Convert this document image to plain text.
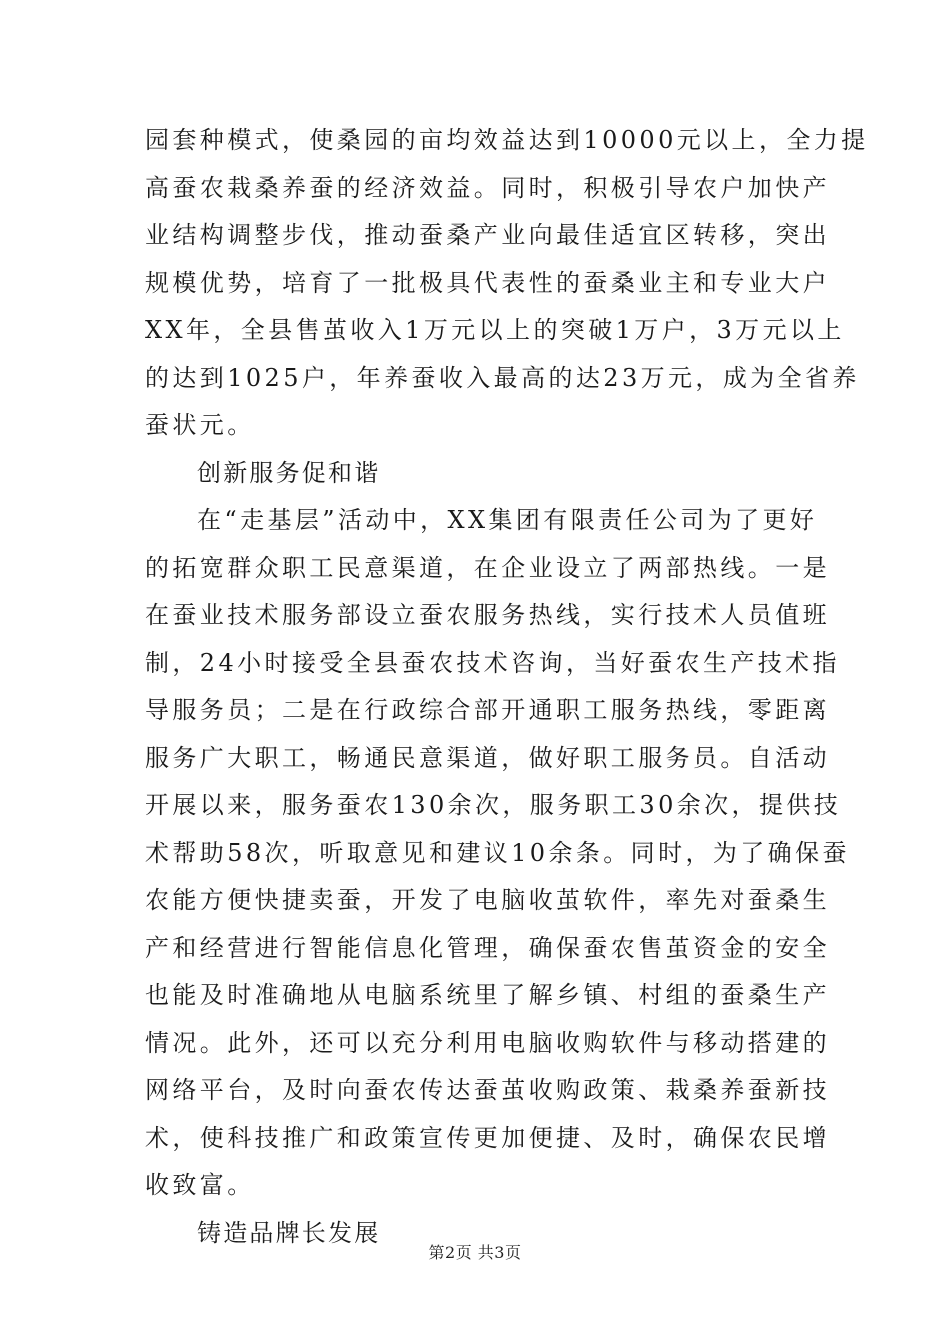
园套种模式，使桑园的亩均效益达到10000元以上，全力提
高蚕农栽桑养蚕的经济效益。同时，积极引导农户加快产
业结构调整步伐，推动蚕桑产业向最佳适宜区转移，突出
规模优势，培育了一批极具代表性的蚕桑业主和专业大户
XX年，全县售茧收入1万元以上的突破1万户，3万元以上
的达到1025户，年养蚕收入最高的达23万元，成为全省养
蚕状元。
创新服务促和谐
在“走基层”活动中，XX集团有限责任公司为了更好
的拓宽群众职工民意渠道，在企业设立了两部热线。一是
在蚕业技术服务部设立蚕农服务热线，实行技术人员值班
制，24小时接受全县蚕农技术咨询，当好蚕农生产技术指
导服务员；二是在行政综合部开通职工服务热线，零距离
服务广大职工，畅通民意渠道，做好职工服务员。自活动
开展以来，服务蚕农130余次，服务职工30余次，提供技
术帮助58次，听取意见和建议10余条。同时，为了确保蚕
农能方便快捷卖蚕，开发了电脑收茧软件，率先对蚕桑生
产和经营进行智能信息化管理，确保蚕农售茧资金的安全
也能及时准确地从电脑系统里了解乡镇、村组的蚕桑生产
情况。此外，还可以充分利用电脑收购软件与移动搭建的
网络平台，及时向蚕农传达蚕茧收购政策、栽桑养蚕新技
术，使科技推广和政策宣传更加便捷、及时，确保农民增
收致富。
铸造品牌长发展
第2页 共3页
